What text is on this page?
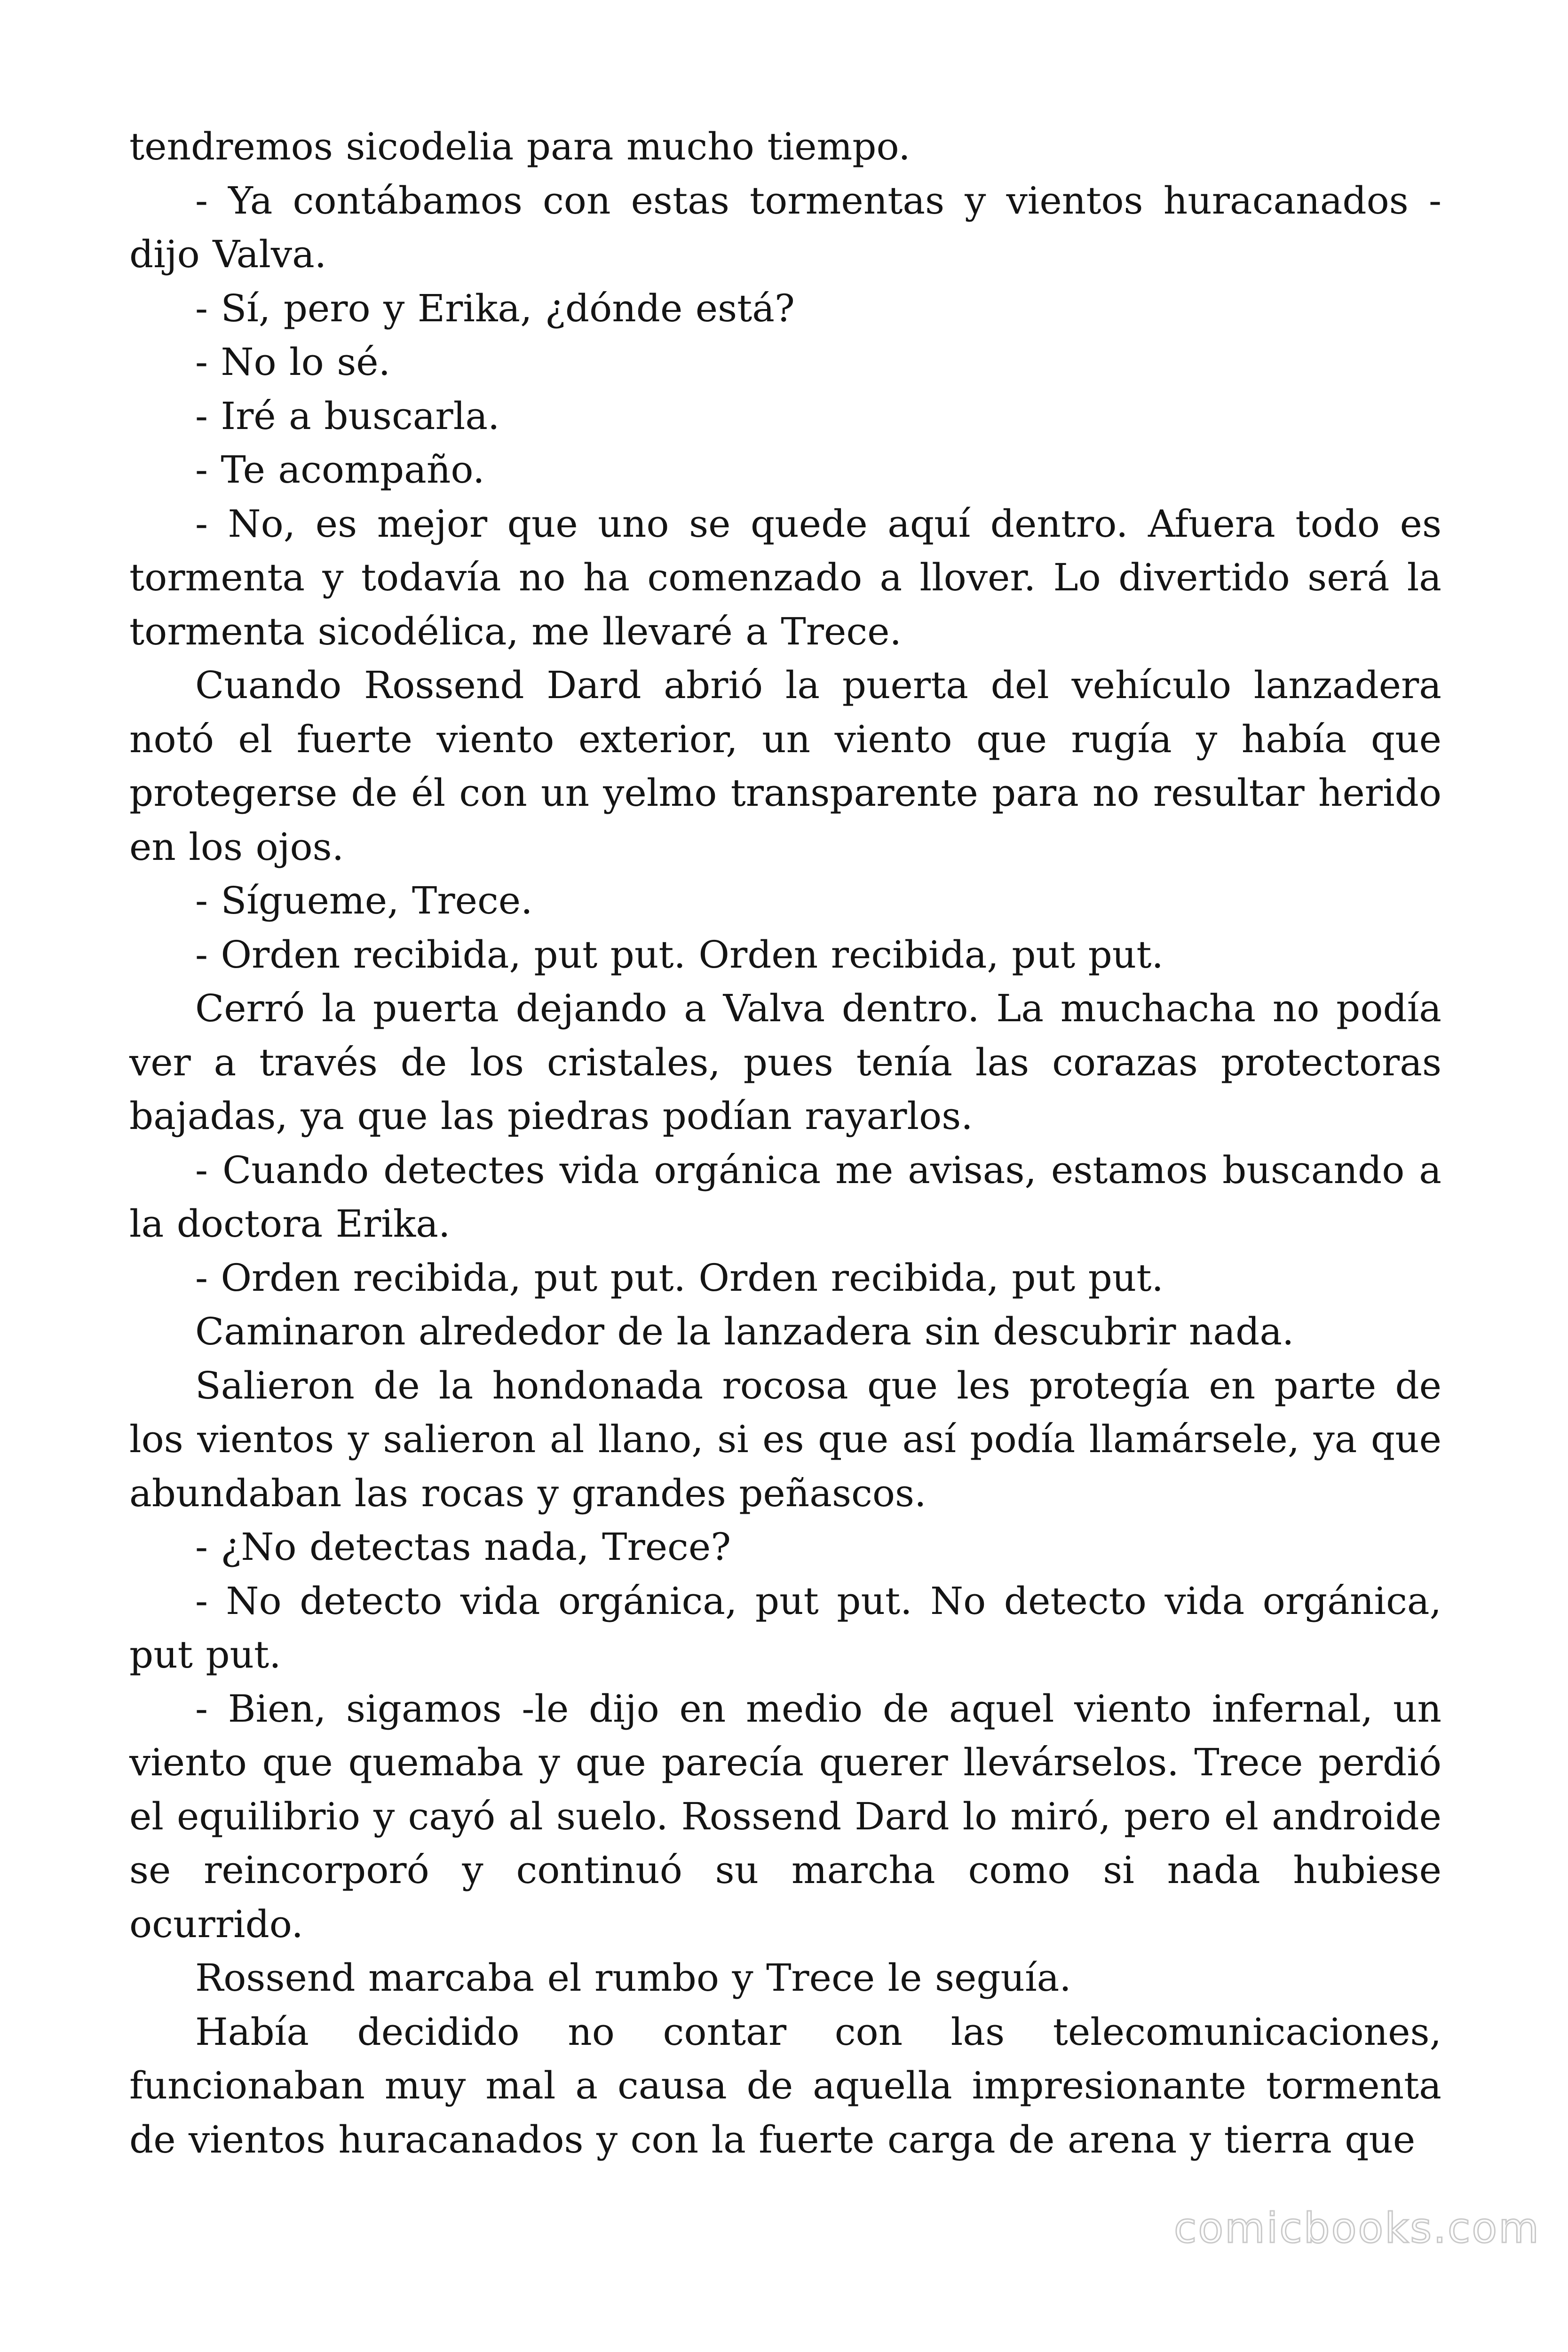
tendremos sicodelia para mucho tiempo.

- Ya contábamos con estas tormentas y vientos huracanados -dijo Valva.

- Sí, pero y Erika, ¿dónde está?

- No lo sé.

- Iré a buscarla.

- Te acompaño.

- No, es mejor que uno se quede aquí dentro. Afuera todo es tormenta y todavía no ha comenzado a llover. Lo divertido será la tormenta sicodélica, me llevaré a Trece.

Cuando Rossend Dard abrió la puerta del vehículo lanzadera notó el fuerte viento exterior, un viento que rugía y había que protegerse de él con un yelmo transparente para no resultar herido en los ojos.

- Sígueme, Trece.

- Orden recibida, put put. Orden recibida, put put.

Cerró la puerta dejando a Valva dentro. La muchacha no podía ver a través de los cristales, pues tenía las corazas protectoras bajadas, ya que las piedras podían rayarlos.

- Cuando detectes vida orgánica me avisas, estamos buscando a la doctora Erika.

- Orden recibida, put put. Orden recibida, put put.

Caminaron alrededor de la lanzadera sin descubrir nada.

Salieron de la hondonada rocosa que les protegía en parte de los vientos y salieron al llano, si es que así podía llamársele, ya que abundaban las rocas y grandes peñascos.

- ¿No detectas nada, Trece?

- No detecto vida orgánica, put put. No detecto vida orgánica, put put.

- Bien, sigamos -le dijo en medio de aquel viento infernal, un viento que quemaba y que parecía querer llevárselos. Trece perdió el equilibrio y cayó al suelo. Rossend Dard lo miró, pero el androide se reincorporó y continuó su marcha como si nada hubiese ocurrido.

Rossend marcaba el rumbo y Trece le seguía.

Había decidido no contar con las telecomunicaciones, funcionaban muy mal a causa de aquella impresionante tormenta de vientos huracanados y con la fuerte carga de arena y tierra que

comicbooks.com
